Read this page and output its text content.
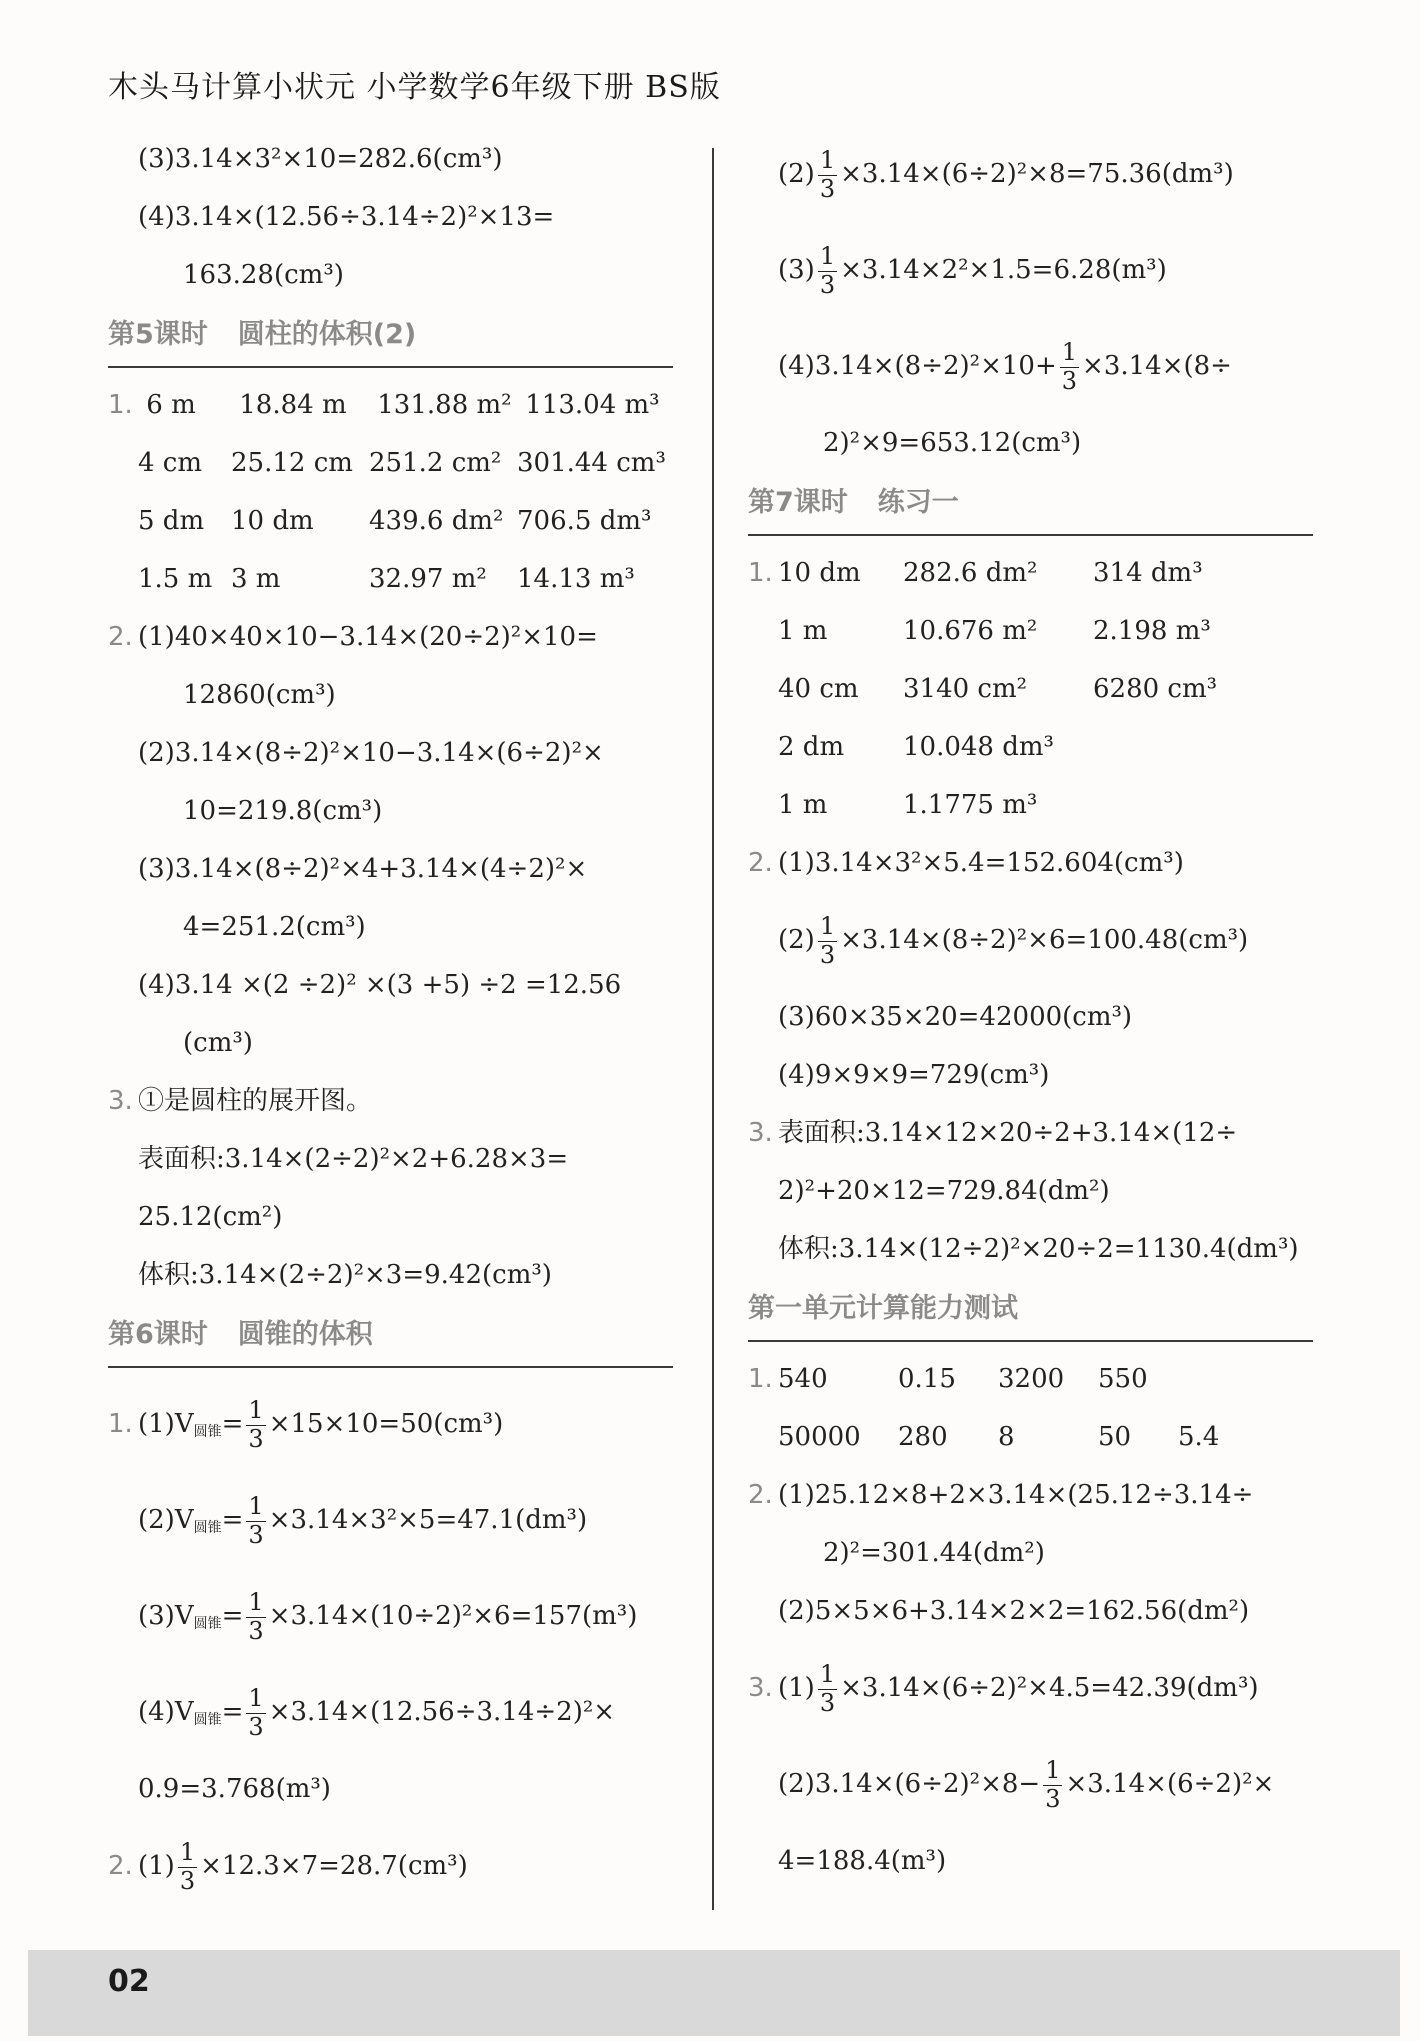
木头马计算小状元 小学数学6年级下册 BS版
(3)3.14×3²×10=282.6(cm³)
(4)3.14×(12.56÷3.14÷2)²×13=
163.28(cm³)
第5课时 圆柱的体积(2)
1. 6 m 18.84 m 131.88 m² 113.04 m³
4 cm 25.12 cm 251.2 cm² 301.44 cm³
5 dm 10 dm 439.6 dm² 706.5 dm³
1.5 m 3 m	32.97 m² 14.13 m³
2. (1)40×40×10−3.14×(20÷2)²×10=
12860(cm³)
(2)3.14×(8÷2)²×10−3.14×(6÷2)²×
10=219.8(cm³)
(3)3.14×(8÷2)²×4+3.14×(4÷2)²×
4=251.2(cm³)
(4)3.14 ×(2 ÷2)² ×(3 +5) ÷2 =12.56
(cm³)
3. ①是圆柱的展开图。
表面积:3.14×(2÷2)²×2+6.28×3=
25.12(cm²)
体积:3.14×(2÷2)²×3=9.42(cm³)
第6课时 圆锥的体积
1. $(1)V_{圆锥}= \frac{1}{3} \times 15\times 10=50(cm^3)$
$(2)V_{圆锥}= \frac{1}{3} \times 3.14\times 3^2\times 5=47.1(dm^3)$
$(3)V_{圆锥}= \frac{1}{3} \times 3.14\times(10\div 2)^2\times 6=157(m^3)$
$(4)V_{圆锥}= \frac{1}{3} \times 3.14\times(12.56\div 3.14\div 2)^2\times$
0.9=3.768(m³)
2. $(1) \frac{1}{3} \times 12.3\times 7=28.7(cm^3)$
$(2) \frac{1}{3} \times 3.14\times(6\div 2)^2\times 8=75.36(dm^3)$
$(3) \frac{1}{3} \times 3.14\times 2^2\times 1.5=6.28(m^3)$
$(4)3.14\times(8\div 2)^2\times 10+ \frac{1}{3} \times 3.14\times(8\div$
2)²×9=653.12(cm³)
第7课时 练习一
1. 10 dm 282.6 dm² 314 dm³
1 m	10.676 m² 2.198 m³
40 cm 3140 cm²	6280 cm³
2 dm 10.048 dm³
1 m	1.1775 m³
2. (1)3.14×3²×5.4=152.604(cm³)
$(2) \frac{1}{3} \times 3.14\times(8\div 2)^2\times 6=100.48(cm^3)$
(3)60×35×20=42000(cm³)
(4)9×9×9=729(cm³)
3. 表面积:3.14×12×20÷2+3.14×(12÷
2)²+20×12=729.84(dm²)
体积:3.14×(12÷2)²×20÷2=1130.4(dm³)
第一单元计算能力测试
1. 540	0.15 3200 550
50000 280 8	50 5.4
2. (1)25.12×8+2×3.14×(25.12÷3.14÷
2)²=301.44(dm²)
(2)5×5×6+3.14×2×2=162.56(dm²)
3. $(1) \frac{1}{3} \times 3.14\times(6\div 2)^2\times 4.5=42.39(dm^3)$
$(2)3.14\times(6\div 2)^2\times 8- \frac{1}{3} \times 3.14\times(6\div 2)^2\times$
4=188.4(m³)
02
